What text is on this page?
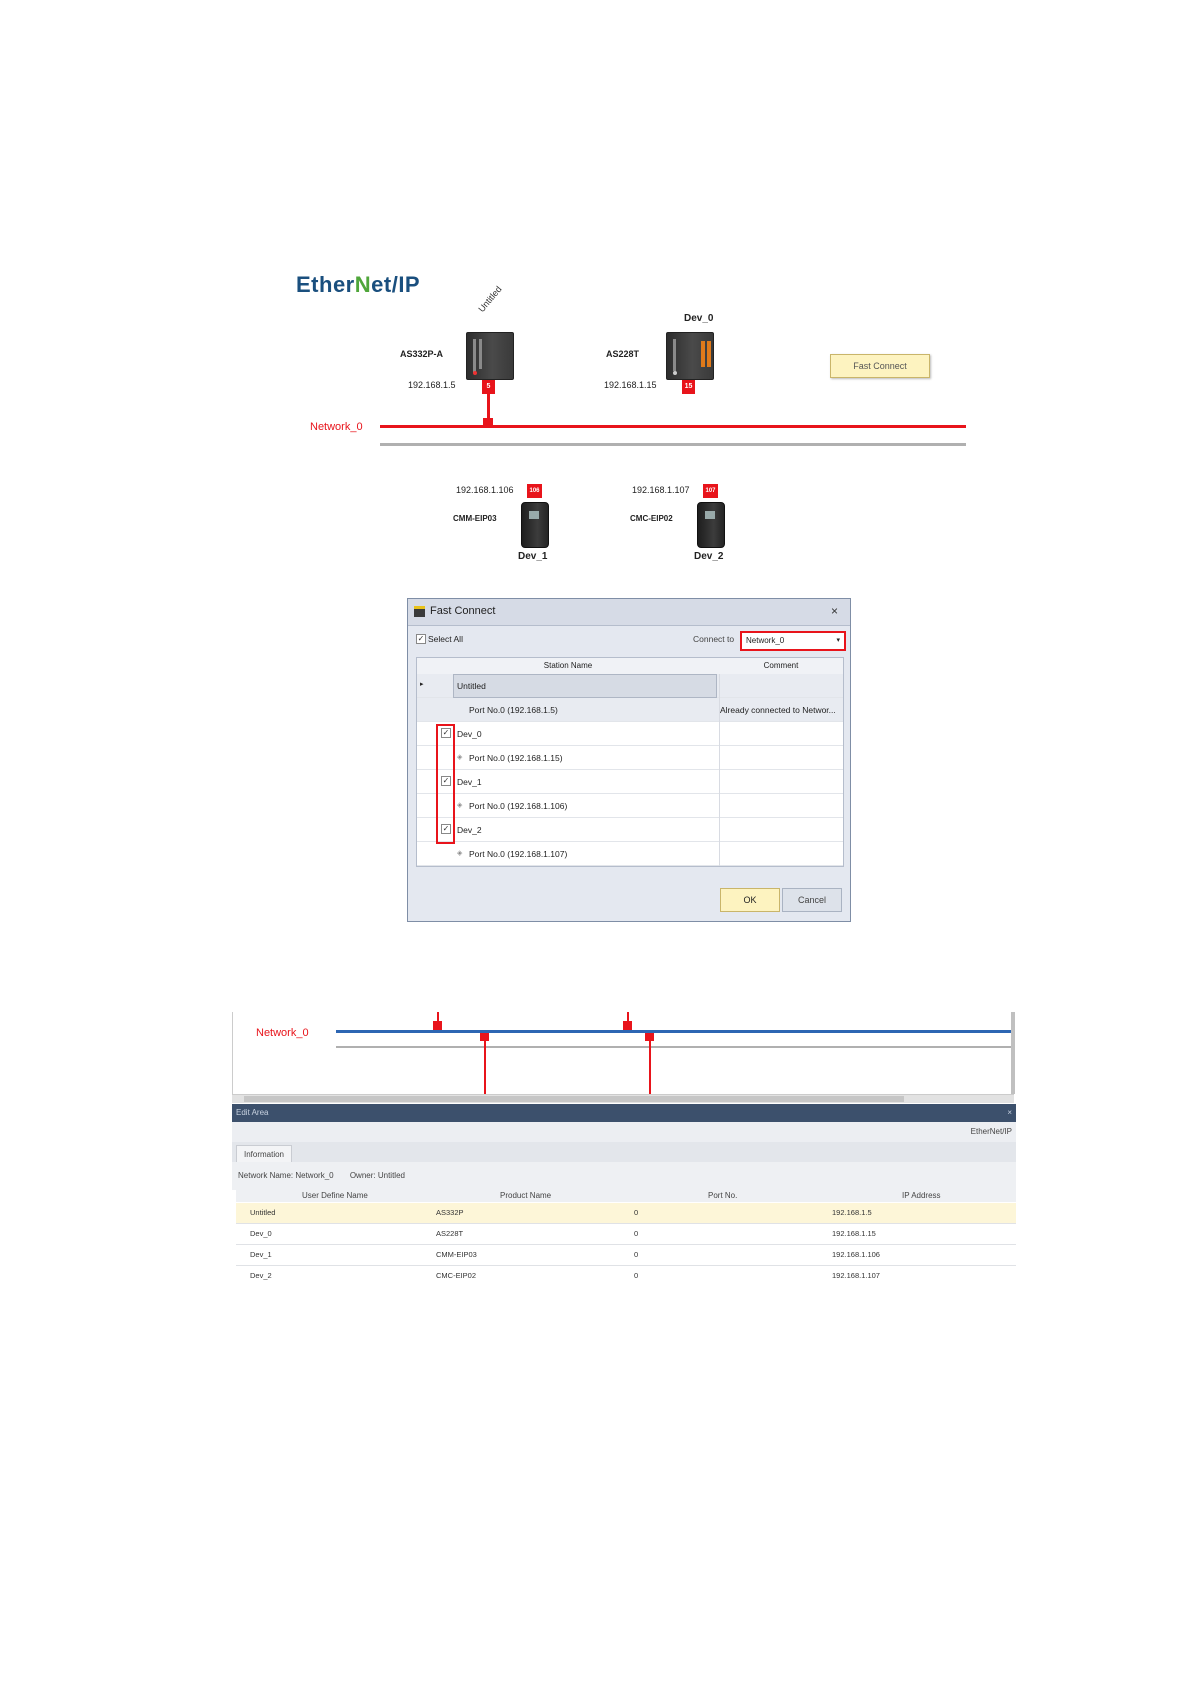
EtherNet/IP	Untitled
AS332P-A
192.168.1.5	5
Dev_0
AS228T
192.168.1.15	15
Fast Connect
Network_0
192.168.1.106	106
CMM-EIP03
Dev_1
192.168.1.107	107
CMC-EIP02
Dev_2
Fast Connect	×
✓ Select All	Connect to	Network_0	▾
Station Name	Comment
▸	Untitled
Port No.0 (192.168.1.5)	Already connected to Networ...
✓ Dev_0
◈ Port No.0 (192.168.1.15)
✓ Dev_1
◈ Port No.0 (192.168.1.106)
✓ Dev_2
◈ Port No.0 (192.168.1.107)
OK	Cancel
Network_0
Edit Area	×
EtherNet/IP
Information
Network Name: Network_0 Owner: Untitled
User Define Name	Product Name	Port No.	IP Address
Untitled	AS332P	0	192.168.1.5
Dev_0	AS228T	0	192.168.1.15
Dev_1	CMM-EIP03	0	192.168.1.106
Dev_2	CMC-EIP02	0	192.168.1.107
